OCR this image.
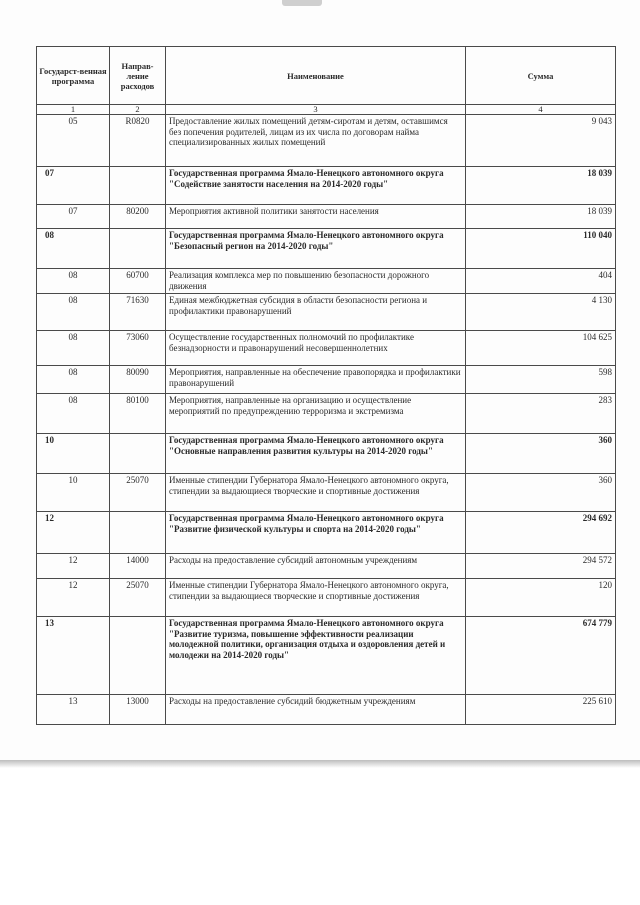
Государст-венная программа	Направ-ление расходов	Наименование	Сумма
1	2	3	4
05	R0820	Предоставление жилых помещений детям-сиротам и детям, оставшимся без попечения родителей, лицам из их числа по договорам найма специализированных жилых помещений	9 043
07		Государственная программа Ямало-Ненецкого автономного округа "Содействие занятости населения на 2014-2020 годы"	18 039
07	80200	Мероприятия активной политики занятости населения	18 039
08		Государственная программа Ямало-Ненецкого автономного округа "Безопасный регион на 2014-2020 годы"	110 040
08	60700	Реализация комплекса мер по повышению безопасности дорожного движения	404
08	71630	Единая межбюджетная субсидия в области безопасности региона и профилактики правонарушений	4 130
08	73060	Осуществление государственных полномочий по профилактике безнадзорности и правонарушений несовершеннолетних	104 625
08	80090	Мероприятия, направленные на обеспечение правопорядка и профилактики правонарушений	598
08	80100	Мероприятия, направленные на организацию и осуществление мероприятий по предупреждению терроризма и экстремизма	283
10		Государственная программа Ямало-Ненецкого автономного округа "Основные направления развития культуры на 2014-2020 годы"	360
10	25070	Именные стипендии Губернатора Ямало-Ненецкого автономного округа, стипендии за выдающиеся творческие и спортивные достижения	360
12		Государственная программа Ямало-Ненецкого автономного округа "Развитие физической культуры и спорта на 2014-2020 годы"	294 692
12	14000	Расходы на предоставление субсидий автономным учреждениям	294 572
12	25070	Именные стипендии Губернатора Ямало-Ненецкого автономного округа, стипендии за выдающиеся творческие и спортивные достижения	120
13		Государственная программа Ямало-Ненецкого автономного округа "Развитие туризма, повышение эффективности реализации молодежной политики, организация отдыха и оздоровления детей и молодежи на 2014-2020 годы"	674 779
13	13000	Расходы на предоставление субсидий бюджетным учреждениям	225 610
